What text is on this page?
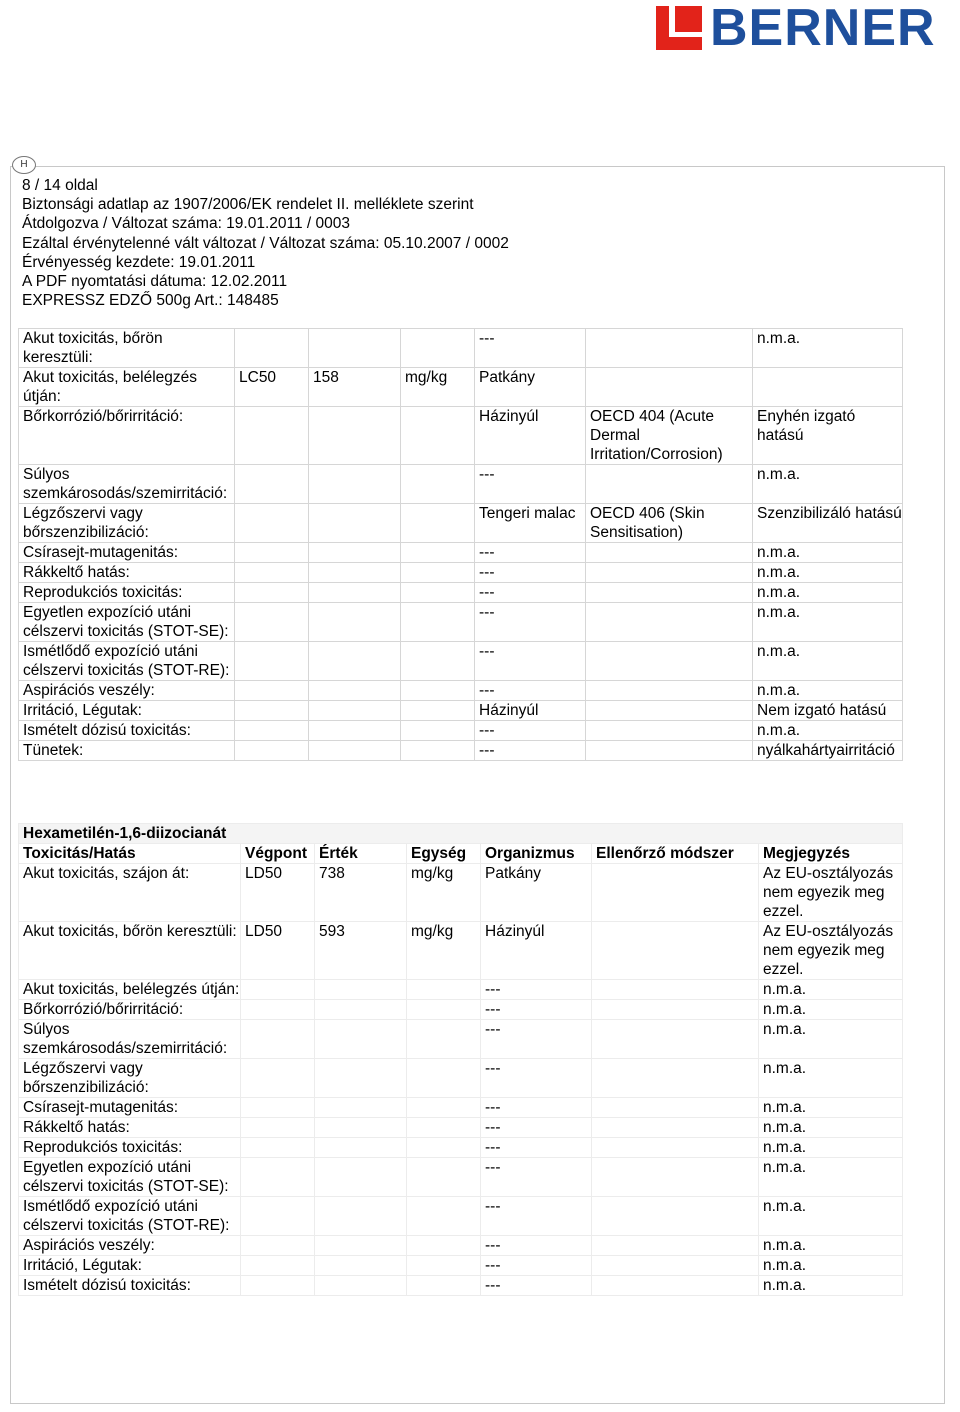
BERNER
H
8 / 14 oldal
Biztonsági adatlap az 1907/2006/EK rendelet II. melléklete szerint
Átdolgozva / Változat száma: 19.01.2011 / 0003
Ezáltal érvénytelenné vált változat / Változat száma: 05.10.2007 / 0002
Érvényesség kezdete: 19.01.2011
A PDF nyomtatási dátuma: 12.02.2011
EXPRESSZ EDZŐ 500g Art.: 148485
Akut toxicitás, bőrön keresztüli:				---		n.m.a.
Akut toxicitás, belélegzés útján:	LC50	158	mg/kg	Patkány		
Bőrkorrózió/bőrirritáció:				Házinyúl	OECD 404 (Acute Dermal Irritation/Corrosion)	Enyhén izgató hatású
Súlyos szemkárosodás/szemirritáció:				---		n.m.a.
Légzőszervi vagy bőrszenzibilizáció:				Tengeri malac	OECD 406 (Skin Sensitisation)	Szenzibilizáló hatású
Csírasejt-mutagenitás:				---		n.m.a.
Rákkeltő hatás:				---		n.m.a.
Reprodukciós toxicitás:				---		n.m.a.
Egyetlen expozíció utáni célszervi toxicitás (STOT-SE):				---		n.m.a.
Ismétlődő expozíció utáni célszervi toxicitás (STOT-RE):				---		n.m.a.
Aspirációs veszély:				---		n.m.a.
Irritáció, Légutak:				Házinyúl		Nem izgató hatású
Ismételt dózisú toxicitás:				---		n.m.a.
Tünetek:				---		nyálkahártyairritáció
Hexametilén-1,6-diizocianát						
Toxicitás/Hatás	Végpont	Érték	Egység	Organizmus	Ellenőrző módszer	Megjegyzés
Akut toxicitás, szájon át:	LD50	738	mg/kg	Patkány		Az EU-osztályozás nem egyezik meg ezzel.
Akut toxicitás, bőrön keresztüli:	LD50	593	mg/kg	Házinyúl		Az EU-osztályozás nem egyezik meg ezzel.
Akut toxicitás, belélegzés útján:				---		n.m.a.
Bőrkorrózió/bőrirritáció:				---		n.m.a.
Súlyos szemkárosodás/szemirritáció:				---		n.m.a.
Légzőszervi vagy bőrszenzibilizáció:				---		n.m.a.
Csírasejt-mutagenitás:				---		n.m.a.
Rákkeltő hatás:				---		n.m.a.
Reprodukciós toxicitás:				---		n.m.a.
Egyetlen expozíció utáni célszervi toxicitás (STOT-SE):				---		n.m.a.
Ismétlődő expozíció utáni célszervi toxicitás (STOT-RE):				---		n.m.a.
Aspirációs veszély:				---		n.m.a.
Irritáció, Légutak:				---		n.m.a.
Ismételt dózisú toxicitás:				---		n.m.a.
